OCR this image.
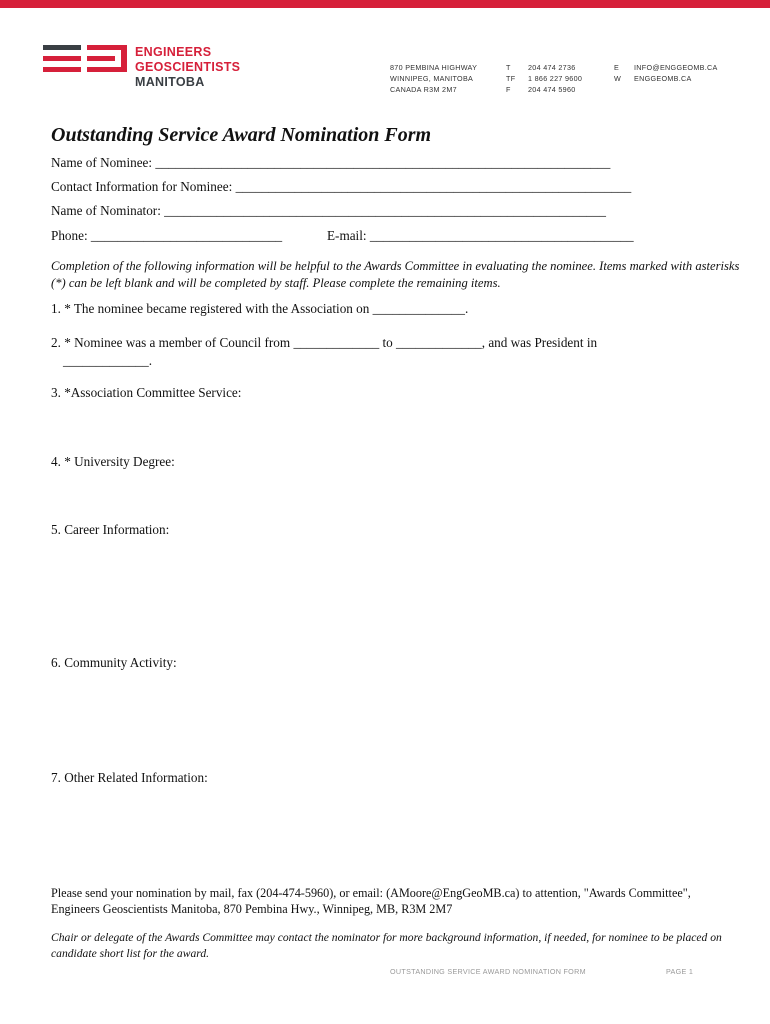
ENGINEERS
GEOSCIENTISTS
MANITOBA
870 PEMBINA HIGHWAY
WINNIPEG, MANITOBA
CANADA R3M 2M7
T
TF
F
204 474 2736
1 866 227 9600
204 474 5960
E
W
INFO@ENGGEOMB.CA
ENGGEOMB.CA
Outstanding Service Award Nomination Form
Name of Nominee: _____________________________________________________________________
Contact Information for Nominee: ____________________________________________________________
Name of Nominator: ___________________________________________________________________
Phone: _____________________________	E-mail: ________________________________________
Completion of the following information will be helpful to the Awards Committee in evaluating the nominee. Items marked with asterisks (*) can be left blank and will be completed by staff. Please complete the remaining items.
1. * The nominee became registered with the Association on ______________.
2. * Nominee was a member of Council from _____________ to _____________, and was President in
_____________.
3. *Association Committee Service:
4. * University Degree:
5. Career Information:
6. Community Activity:
7. Other Related Information:
Please send your nomination by mail, fax (204-474-5960), or email: (AMoore@EngGeoMB.ca) to attention, "Awards Committee", Engineers Geoscientists Manitoba, 870 Pembina Hwy., Winnipeg, MB, R3M 2M7
Chair or delegate of the Awards Committee may contact the nominator for more background information, if needed, for nominee to be placed on candidate short list for the award.
OUTSTANDING SERVICE AWARD NOMINATION FORM	PAGE 1
